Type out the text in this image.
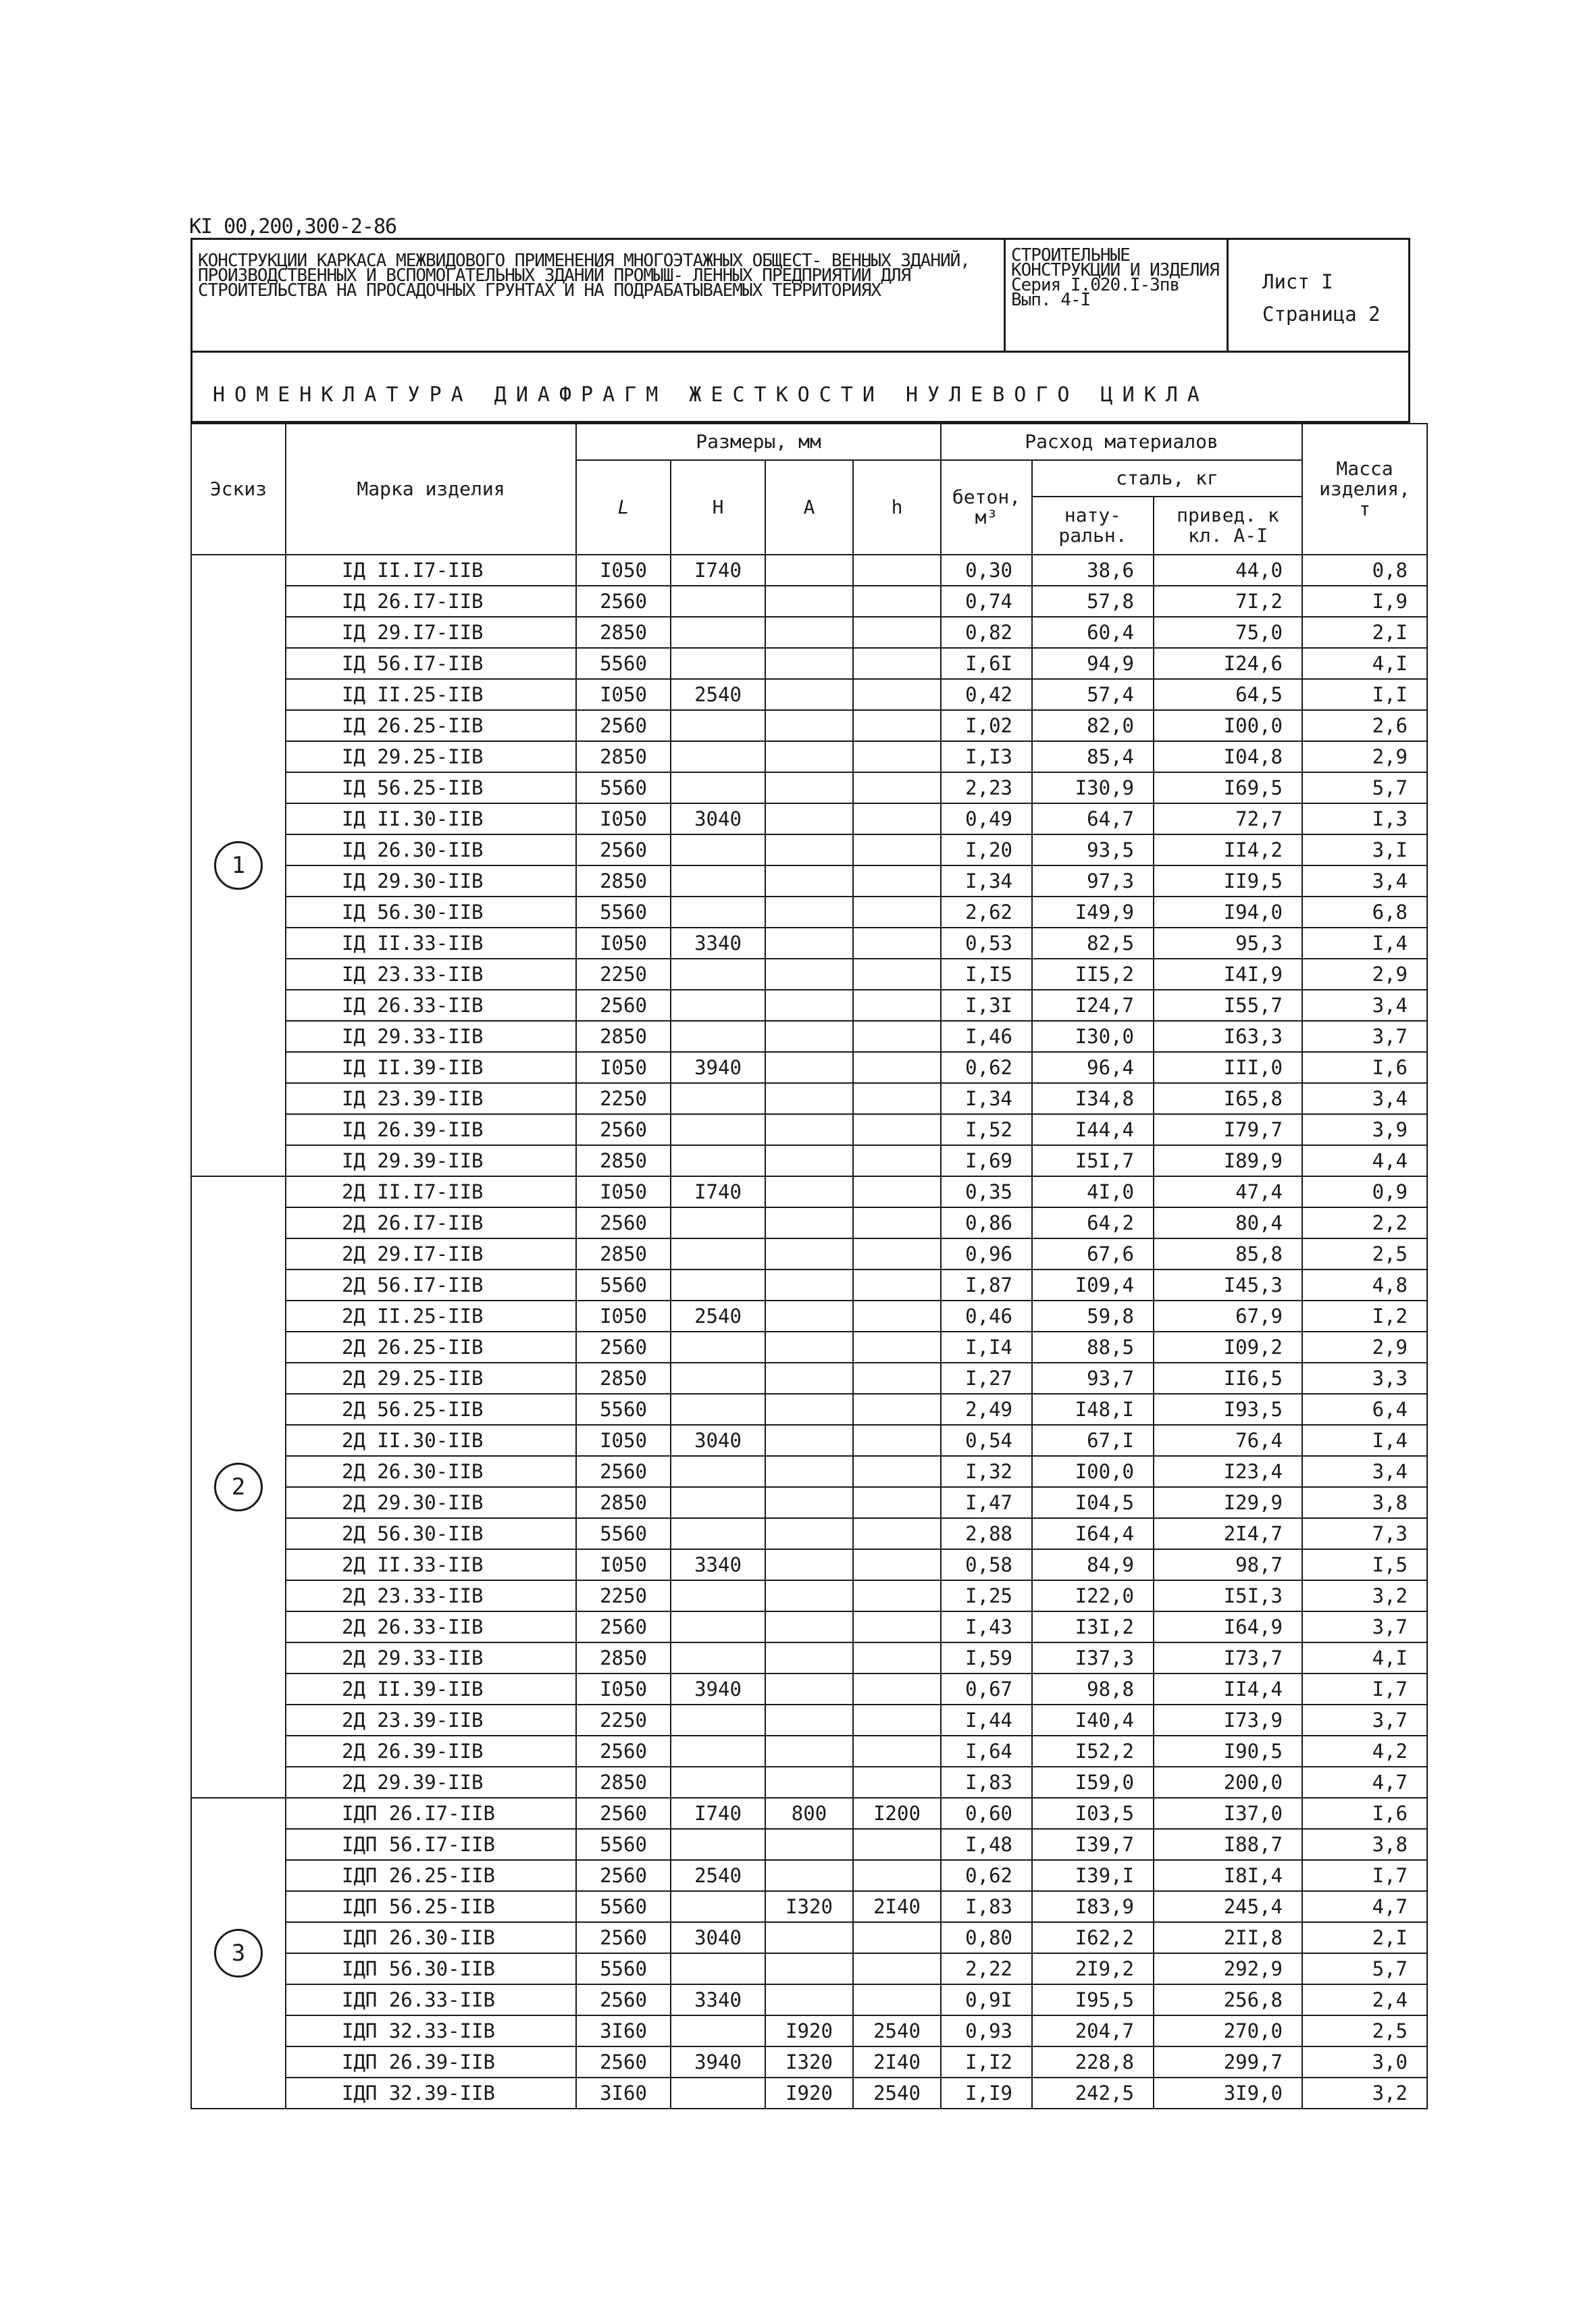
КI 00,200,300-2-86
КОНСТРУКЦИИ КАРКАСА МЕЖВИДОВОГО ПРИМЕНЕНИЯ МНОГОЭТАЖНЫХ ОБЩЕСТ- ВЕННЫХ ЗДАНИЙ, ПРОИЗВОДСТВЕННЫХ И ВСПОМОГАТЕЛЬНЫХ ЗДАНИЙ ПРОМЫШ- ЛЕННЫХ ПРЕДПРИЯТИЙ ДЛЯ СТРОИТЕЛЬСТВА НА ПРОСАДОЧНЫХ ГРУНТАХ И НА ПОДРАБАТЫВАЕМЫХ ТЕРРИТОРИЯХ
СТРОИТЕЛЬНЫЕ КОНСТРУКЦИИ И ИЗДЕЛИЯ
Серия I.020.I-3пв
Вып. 4-I
Лист I
Страница 2
НОМЕНКЛАТУРА ДИАФРАГМ ЖЕСТКОСТИ НУЛЕВОГО ЦИКЛА
Эскиз	Марка изделия	Размеры, мм				Расход материалов			Масса изделия, т
		L	H	A	h	бетон, м³	сталь, кг		
							нату- ральн.	привед. к кл. А-I	
1	IД II.I7-IIВ	I050	I740			0,30	38,6	44,0	0,8
	IД 26.I7-IIВ	2560				0,74	57,8	7I,2	I,9
	IД 29.I7-IIВ	2850				0,82	60,4	75,0	2,I
	IД 56.I7-IIВ	5560				I,6I	94,9	I24,6	4,I
	IД II.25-IIВ	I050	2540			0,42	57,4	64,5	I,I
	IД 26.25-IIВ	2560				I,02	82,0	I00,0	2,6
	IД 29.25-IIВ	2850				I,I3	85,4	I04,8	2,9
	IД 56.25-IIВ	5560				2,23	I30,9	I69,5	5,7
	IД II.30-IIВ	I050	3040			0,49	64,7	72,7	I,3
	IД 26.30-IIВ	2560				I,20	93,5	II4,2	3,I
	IД 29.30-IIВ	2850				I,34	97,3	II9,5	3,4
	IД 56.30-IIВ	5560				2,62	I49,9	I94,0	6,8
	IД II.33-IIВ	I050	3340			0,53	82,5	95,3	I,4
	IД 23.33-IIВ	2250				I,I5	II5,2	I4I,9	2,9
	IД 26.33-IIВ	2560				I,3I	I24,7	I55,7	3,4
	IД 29.33-IIВ	2850				I,46	I30,0	I63,3	3,7
	IД II.39-IIВ	I050	3940			0,62	96,4	III,0	I,6
	IД 23.39-IIВ	2250				I,34	I34,8	I65,8	3,4
	IД 26.39-IIВ	2560				I,52	I44,4	I79,7	3,9
	IД 29.39-IIВ	2850				I,69	I5I,7	I89,9	4,4
2	2Д II.I7-IIВ	I050	I740			0,35	4I,0	47,4	0,9
	2Д 26.I7-IIВ	2560				0,86	64,2	80,4	2,2
	2Д 29.I7-IIВ	2850				0,96	67,6	85,8	2,5
	2Д 56.I7-IIВ	5560				I,87	I09,4	I45,3	4,8
	2Д II.25-IIВ	I050	2540			0,46	59,8	67,9	I,2
	2Д 26.25-IIВ	2560				I,I4	88,5	I09,2	2,9
	2Д 29.25-IIВ	2850				I,27	93,7	II6,5	3,3
	2Д 56.25-IIВ	5560				2,49	I48,I	I93,5	6,4
	2Д II.30-IIВ	I050	3040			0,54	67,I	76,4	I,4
	2Д 26.30-IIВ	2560				I,32	I00,0	I23,4	3,4
	2Д 29.30-IIВ	2850				I,47	I04,5	I29,9	3,8
	2Д 56.30-IIВ	5560				2,88	I64,4	2I4,7	7,3
	2Д II.33-IIВ	I050	3340			0,58	84,9	98,7	I,5
	2Д 23.33-IIВ	2250				I,25	I22,0	I5I,3	3,2
	2Д 26.33-IIВ	2560				I,43	I3I,2	I64,9	3,7
	2Д 29.33-IIВ	2850				I,59	I37,3	I73,7	4,I
	2Д II.39-IIВ	I050	3940			0,67	98,8	II4,4	I,7
	2Д 23.39-IIВ	2250				I,44	I40,4	I73,9	3,7
	2Д 26.39-IIВ	2560				I,64	I52,2	I90,5	4,2
	2Д 29.39-IIВ	2850				I,83	I59,0	200,0	4,7
3	IДП 26.I7-IIВ	2560	I740	800	I200	0,60	I03,5	I37,0	I,6
	IДП 56.I7-IIВ	5560				I,48	I39,7	I88,7	3,8
	IДП 26.25-IIВ	2560	2540			0,62	I39,I	I8I,4	I,7
	IДП 56.25-IIВ	5560		I320	2I40	I,83	I83,9	245,4	4,7
	IДП 26.30-IIВ	2560	3040			0,80	I62,2	2II,8	2,I
	IДП 56.30-IIВ	5560				2,22	2I9,2	292,9	5,7
	IДП 26.33-IIВ	2560	3340			0,9I	I95,5	256,8	2,4
	IДП 32.33-IIВ	3I60		I920	2540	0,93	204,7	270,0	2,5
	IДП 26.39-IIВ	2560	3940	I320	2I40	I,I2	228,8	299,7	3,0
	IДП 32.39-IIВ	3I60		I920	2540	I,I9	242,5	3I9,0	3,2
